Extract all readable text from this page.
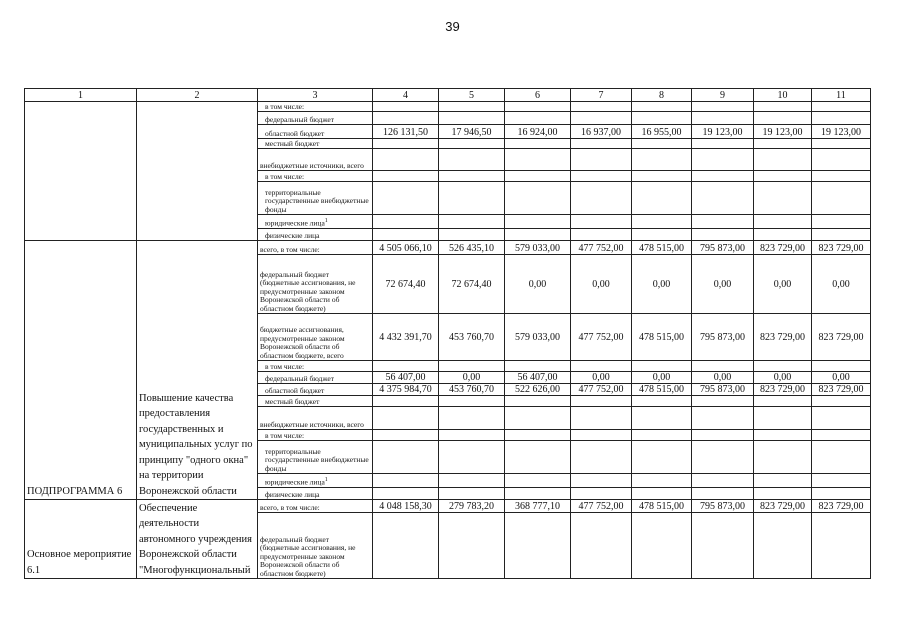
39
1	2	3	4	5	6	7	8	9	10	11
		в том числе:								
		федеральный бюджет								
		областной бюджет	126 131,50	17 946,50	16 924,00	16 937,00	16 955,00	19 123,00	19 123,00	19 123,00
		местный бюджет								
		внебюджетные источники, всего								
		в том числе:								
		территориальные государственные внебюджетные фонды								
		юридические лица$^1$								
		физические лица								
ПОДПРОГРАММА 6	Повышение качества предоставления государственных и муниципальных услуг по принципу "одного окна" на территории Воронежской области	всего, в том числе:	4 505 066,10	526 435,10	579 033,00	477 752,00	478 515,00	795 873,00	823 729,00	823 729,00
		федеральный бюджет (бюджетные ассигнования, не предусмотренные законом Воронежской области об областном бюджете)	72 674,40	72 674,40	0,00	0,00	0,00	0,00	0,00	0,00
		бюджетные ассигнования, предусмотренные законом Воронежской области об областном бюджете, всего	4 432 391,70	453 760,70	579 033,00	477 752,00	478 515,00	795 873,00	823 729,00	823 729,00
		в том числе:								
		федеральный бюджет	56 407,00	0,00	56 407,00	0,00	0,00	0,00	0,00	0,00
		областной бюджет	4 375 984,70	453 760,70	522 626,00	477 752,00	478 515,00	795 873,00	823 729,00	823 729,00
		местный бюджет								
		внебюджетные источники, всего								
		в том числе:								
		территориальные государственные внебюджетные фонды								
		юридические лица$^1$								
		физические лица								
Основное мероприятие 6.1	Обеспечение деятельности автономного учреждения Воронежской области "Многофункциональный	всего, в том числе:	4 048 158,30	279 783,20	368 777,10	477 752,00	478 515,00	795 873,00	823 729,00	823 729,00
		федеральный бюджет (бюджетные ассигнования, не предусмотренные законом Воронежской области об областном бюджете)								
